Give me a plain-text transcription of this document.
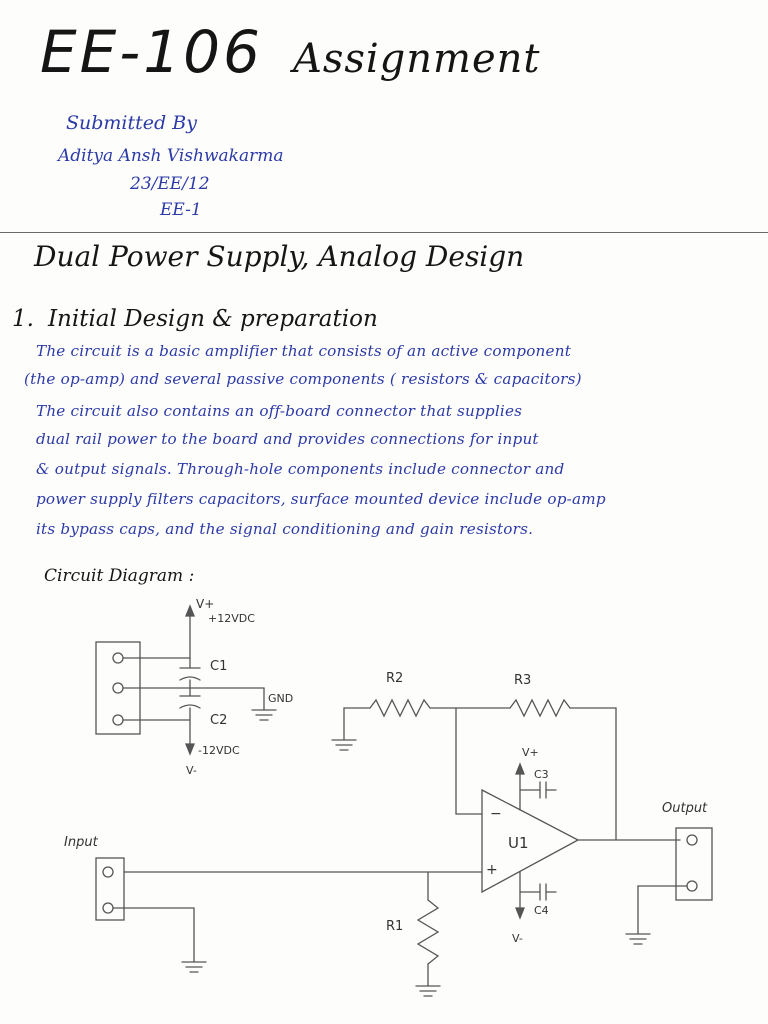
EE-106 Assignment
Submitted By
Aditya Ansh Vishwakarma
23/EE/12
EE-1
Dual Power Supply, Analog Design
1. Initial Design & preparation
The circuit is a basic amplifier that consists of an active component
(the op-amp) and several passive components ( resistors & capacitors)
The circuit also contains an off-board connector that supplies
dual rail power to the board and provides connections for input
& output signals. Through-hole components include connector and
power supply filters capacitors, surface mounted device include op-amp
its bypass caps, and the signal conditioning and gain resistors.
Circuit Diagram :
V+
+12VDC
C1
C2
GND
-12VDC
V-
R2	R3
V+
C3
−
+
U1
C4
V-
R1
Input
Output
